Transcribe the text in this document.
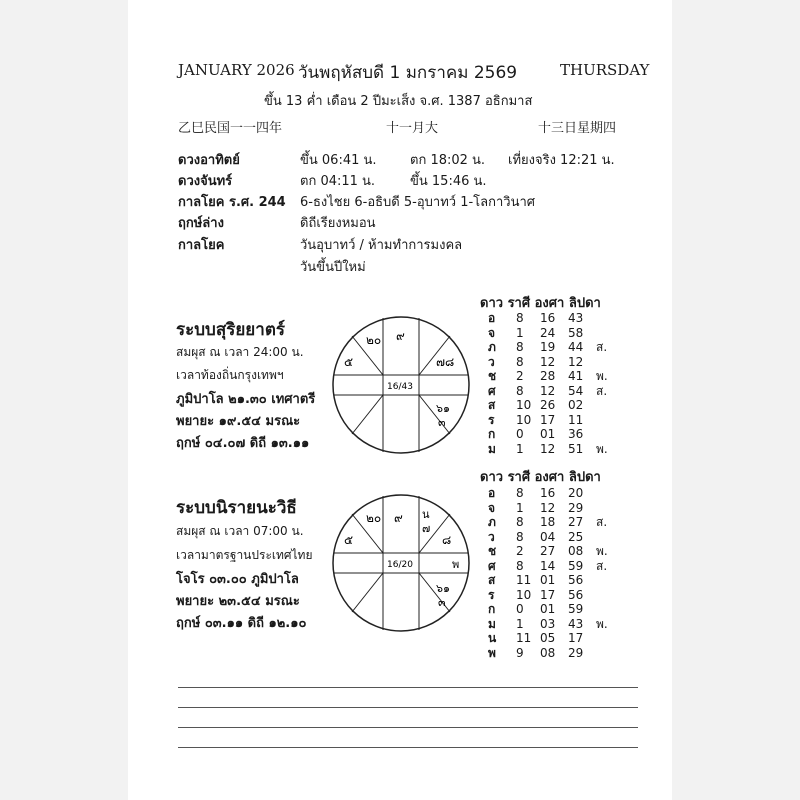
JANUARY 2026 วันพฤหัสบดี 1 มกราคม 2569	THURSDAY
ขึ้น 13 ค่ำ เดือน 2 ปีมะเส็ง จ.ศ. 1387 อธิกมาส
乙巳民国一一四年	十一月大	十三日星期四
ดวงอาทิตย์	ขึ้น 06:41 น.	ตก 18:02 น. เที่ยงจริง 12:21 น.
ดวงจันทร์	ตก 04:11 น.	ขึ้น 15:46 น.
กาลโยค ร.ศ. 244 6-ธงไชย 6-อธิบดี 5-อุบาทว์ 1-โลกาวินาศ
ฤกษ์ล่าง	ดิถีเรียงหมอน
กาลโยค	วันอุบาทว์ / ห้ามทำการมงคล
วันขึ้นปีใหม่
ระบบสุริยยาตร์
สมผุส ณ เวลา 24:00 น.
เวลาท้องถิ่นกรุงเทพฯ
ภูมิปาโล ๒๑.๓๐ เทศาตรี
พยายะ ๑๙.๕๔ มรณะ
ฤกษ์ ๐๔.๐๗ ดิถี ๑๓.๑๑
๒๐ ๙
๕	๗๘
๖๑
๓
16/43
ดาว ราศี องศา ลิปดา
อ	8	16	43	
จ	1	24	58	
ภ	8	19	44	ส.
ว	8	12	12	
ช	2	28	41	พ.
ศ	8	12	54	ส.
ส	10	26	02	
ร	10	17	11	
ก	0	01	36	
ม	1	12	51	พ.
ดาว ราศี องศา ลิปดา
อ	8	16	20	
จ	1	12	29	
ภ	8	18	27	ส.
ว	8	04	25	
ช	2	27	08	พ.
ศ	8	14	59	ส.
ส	11	01	56	
ร	10	17	56	
ก	0	01	59	
ม	1	03	43	พ.
น	11	05	17	
พ	9	08	29	
ระบบนิรายนะวิธี
สมผุส ณ เวลา 07:00 น.
เวลามาตรฐานประเทศไทย
โจโร ๐๓.๐๐ ภูมิปาโล
พยายะ ๒๓.๕๔ มรณะ
ฤกษ์ ๐๓.๑๑ ดิถี ๑๒.๑๐
๒๐ ๙ น
๗
๕	๘
พ
๖๑
๓
16/20
